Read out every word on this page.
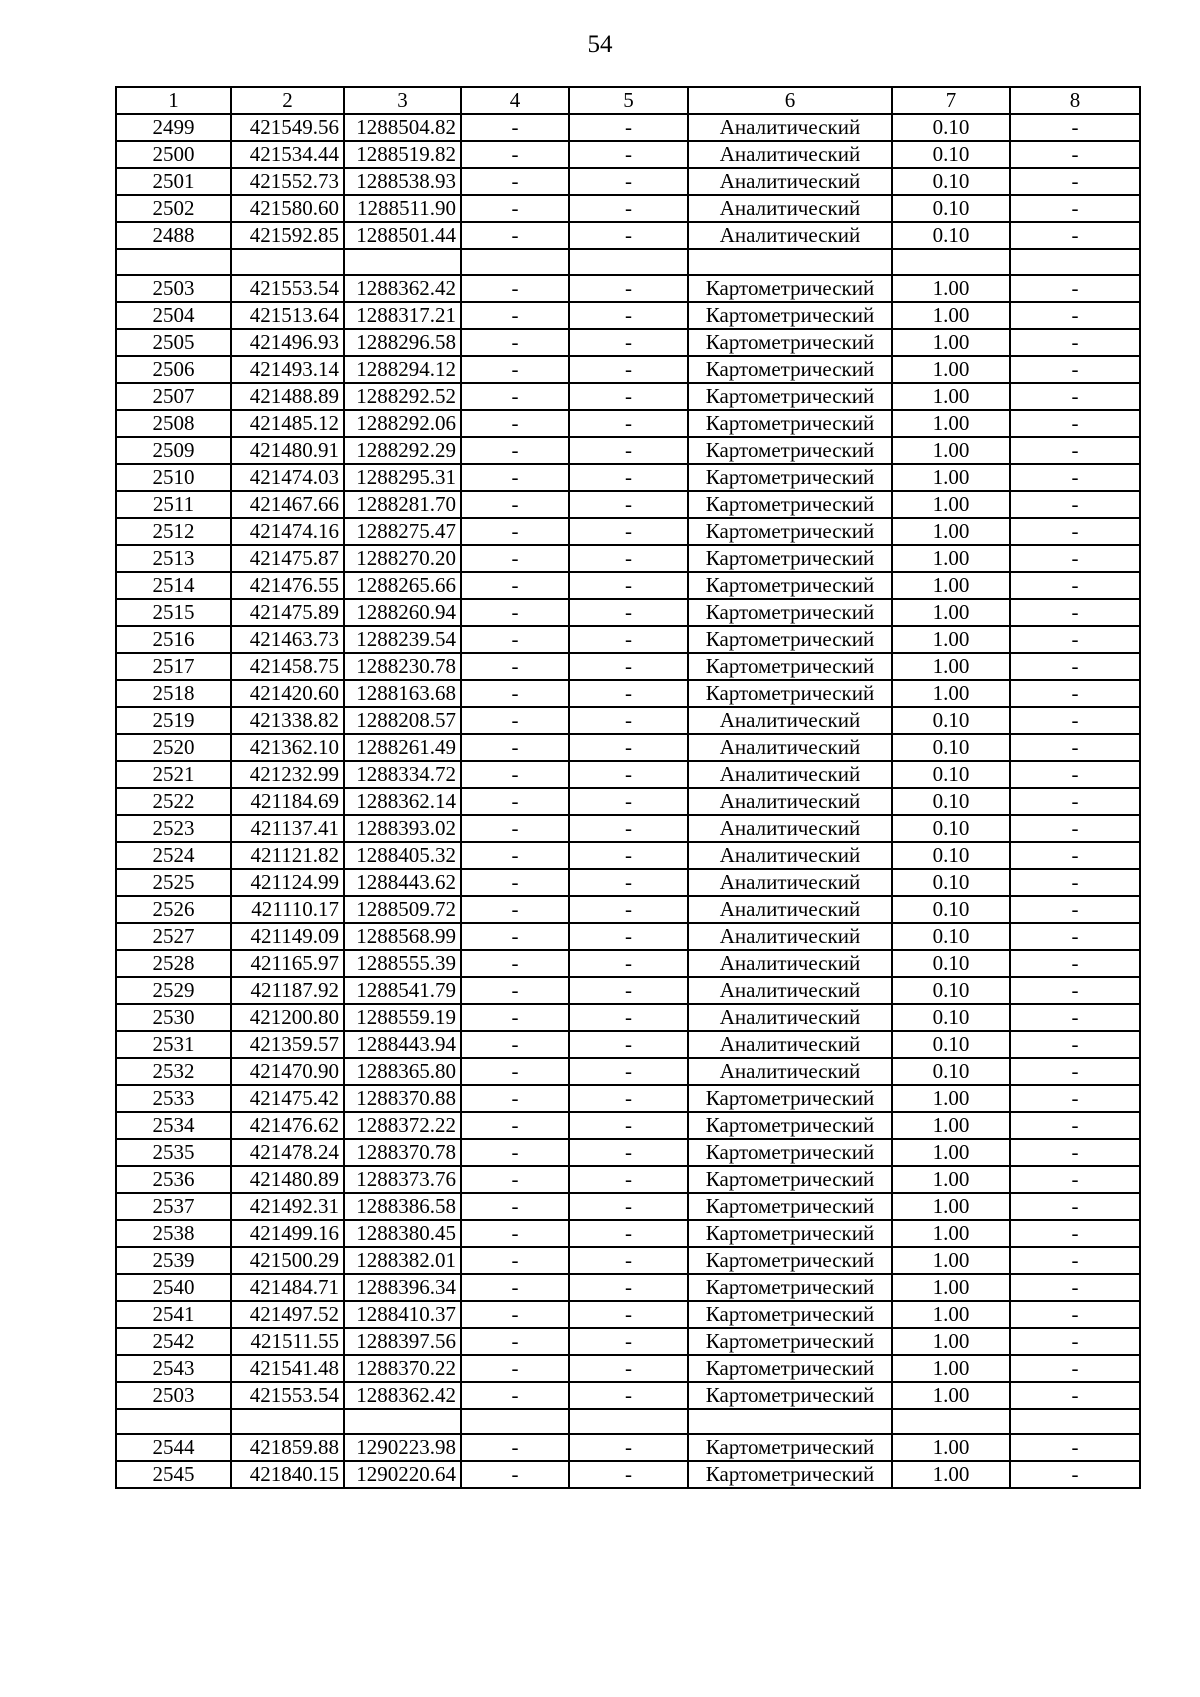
54
1	2	3	4	5	6	7	8
2499	421549.56	1288504.82	-	-	Аналитический	0.10	-
2500	421534.44	1288519.82	-	-	Аналитический	0.10	-
2501	421552.73	1288538.93	-	-	Аналитический	0.10	-
2502	421580.60	1288511.90	-	-	Аналитический	0.10	-
2488	421592.85	1288501.44	-	-	Аналитический	0.10	-

2503	421553.54	1288362.42	-	-	Картометрический	1.00	-
2504	421513.64	1288317.21	-	-	Картометрический	1.00	-
2505	421496.93	1288296.58	-	-	Картометрический	1.00	-
2506	421493.14	1288294.12	-	-	Картометрический	1.00	-
2507	421488.89	1288292.52	-	-	Картометрический	1.00	-
2508	421485.12	1288292.06	-	-	Картометрический	1.00	-
2509	421480.91	1288292.29	-	-	Картометрический	1.00	-
2510	421474.03	1288295.31	-	-	Картометрический	1.00	-
2511	421467.66	1288281.70	-	-	Картометрический	1.00	-
2512	421474.16	1288275.47	-	-	Картометрический	1.00	-
2513	421475.87	1288270.20	-	-	Картометрический	1.00	-
2514	421476.55	1288265.66	-	-	Картометрический	1.00	-
2515	421475.89	1288260.94	-	-	Картометрический	1.00	-
2516	421463.73	1288239.54	-	-	Картометрический	1.00	-
2517	421458.75	1288230.78	-	-	Картометрический	1.00	-
2518	421420.60	1288163.68	-	-	Картометрический	1.00	-
2519	421338.82	1288208.57	-	-	Аналитический	0.10	-
2520	421362.10	1288261.49	-	-	Аналитический	0.10	-
2521	421232.99	1288334.72	-	-	Аналитический	0.10	-
2522	421184.69	1288362.14	-	-	Аналитический	0.10	-
2523	421137.41	1288393.02	-	-	Аналитический	0.10	-
2524	421121.82	1288405.32	-	-	Аналитический	0.10	-
2525	421124.99	1288443.62	-	-	Аналитический	0.10	-
2526	421110.17	1288509.72	-	-	Аналитический	0.10	-
2527	421149.09	1288568.99	-	-	Аналитический	0.10	-
2528	421165.97	1288555.39	-	-	Аналитический	0.10	-
2529	421187.92	1288541.79	-	-	Аналитический	0.10	-
2530	421200.80	1288559.19	-	-	Аналитический	0.10	-
2531	421359.57	1288443.94	-	-	Аналитический	0.10	-
2532	421470.90	1288365.80	-	-	Аналитический	0.10	-
2533	421475.42	1288370.88	-	-	Картометрический	1.00	-
2534	421476.62	1288372.22	-	-	Картометрический	1.00	-
2535	421478.24	1288370.78	-	-	Картометрический	1.00	-
2536	421480.89	1288373.76	-	-	Картометрический	1.00	-
2537	421492.31	1288386.58	-	-	Картометрический	1.00	-
2538	421499.16	1288380.45	-	-	Картометрический	1.00	-
2539	421500.29	1288382.01	-	-	Картометрический	1.00	-
2540	421484.71	1288396.34	-	-	Картометрический	1.00	-
2541	421497.52	1288410.37	-	-	Картометрический	1.00	-
2542	421511.55	1288397.56	-	-	Картометрический	1.00	-
2543	421541.48	1288370.22	-	-	Картометрический	1.00	-
2503	421553.54	1288362.42	-	-	Картометрический	1.00	-

2544	421859.88	1290223.98	-	-	Картометрический	1.00	-
2545	421840.15	1290220.64	-	-	Картометрический	1.00	-
